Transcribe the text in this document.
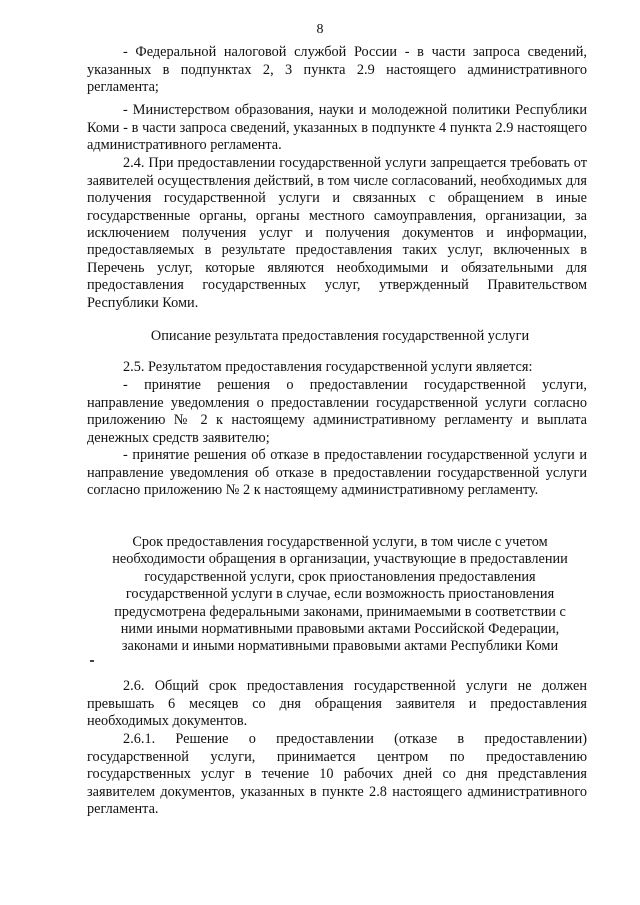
8

- Федеральной налоговой службой России - в части запроса сведений, указанных в подпунктах 2, 3 пункта 2.9 настоящего административного регламента;

- Министерством образования, науки и молодежной политики Республики Коми - в части запроса сведений, указанных в подпункте 4 пункта 2.9 настоящего административного регламента.

2.4. При предоставлении государственной услуги запрещается требовать от заявителей осуществления действий, в том числе согласований, необходимых для получения государственной услуги и связанных с обращением в иные государственные органы, органы местного самоуправления, организации, за исключением получения услуг и получения документов и информации, предоставляемых в результате предоставления таких услуг, включенных в Перечень услуг, которые являются необходимыми и обязательными для предоставления государственных услуг, утвержденный Правительством Республики Коми.

Описание результата предоставления государственной услуги

2.5. Результатом предоставления государственной услуги является:

- принятие решения о предоставлении государственной услуги, направление уведомления о предоставлении государственной услуги согласно приложению № 2 к настоящему административному регламенту и выплата денежных средств заявителю;

- принятие решения об отказе в предоставлении государственной услуги и направление уведомления об отказе в предоставлении государственной услуги согласно приложению № 2 к настоящему административному регламенту.

Срок предоставления государственной услуги, в том числе с учетом
необходимости обращения в организации, участвующие в предоставлении
государственной услуги, срок приостановления предоставления
государственной услуги в случае, если возможность приостановления
предусмотрена федеральными законами, принимаемыми в соответствии с
ними иными нормативными правовыми актами Российской Федерации,
законами и иными нормативными правовыми актами Республики Коми

2.6. Общий срок предоставления государственной услуги не должен превышать 6 месяцев со дня обращения заявителя и предоставления необходимых документов.

2.6.1. Решение о предоставлении (отказе в предоставлении) государственной услуги, принимается центром по предоставлению государственных услуг в течение 10 рабочих дней со дня представления заявителем документов, указанных в пункте 2.8 настоящего административного регламента.
